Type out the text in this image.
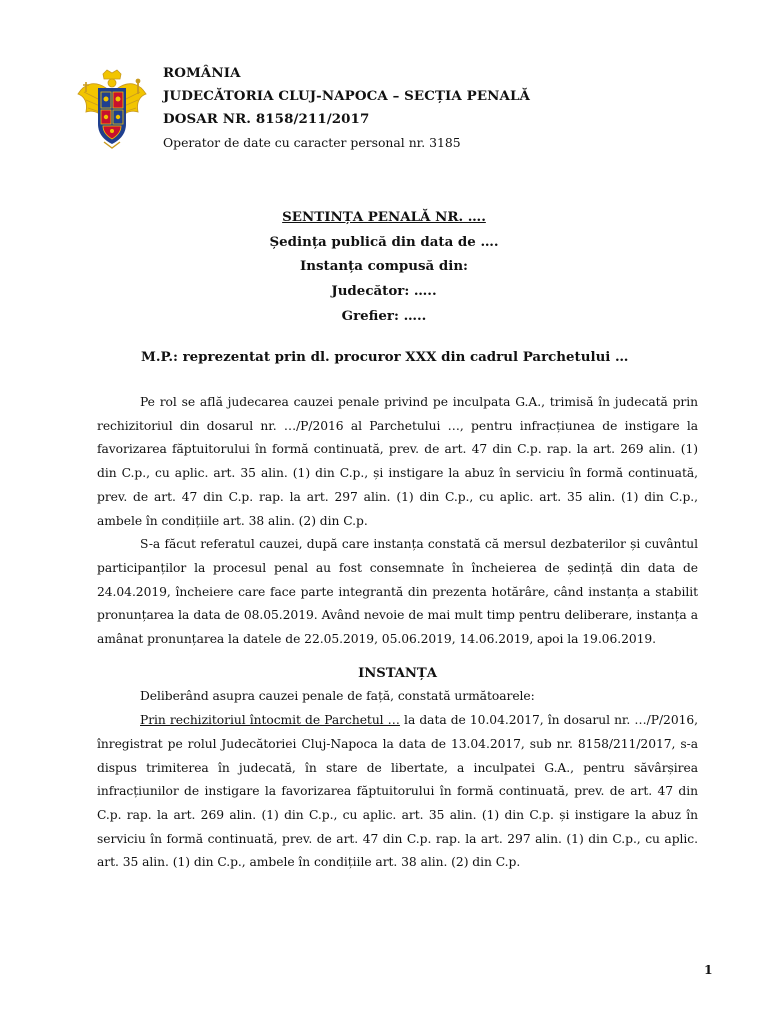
ROMÂNIA
JUDECĂTORIA CLUJ-NAPOCA – SECȚIA PENALĂ
DOSAR NR. 8158/211/2017
Operator de date cu caracter personal nr. 3185
SENTINȚA PENALĂ NR. ….
Ședința publică din data de ….
Instanța compusă din:
Judecător: …..
Grefier: …..
M.P.: reprezentat prin dl. procuror XXX din cadrul Parchetului …

Pe rol se află judecarea cauzei penale privind pe inculpata G.A., trimisă în judecată prin rechizitoriul din dosarul nr. …/P/2016 al Parchetului …, pentru infracțiunea de instigare la favorizarea făptuitorului în formă continuată, prev. de art. 47 din C.p. rap. la art. 269 alin. (1) din C.p., cu aplic. art. 35 alin. (1) din C.p., și instigare la abuz în serviciu în formă continuată, prev. de art. 47 din C.p. rap. la art. 297 alin. (1) din C.p., cu aplic. art. 35 alin. (1) din C.p., ambele în condițiile art. 38 alin. (2) din C.p.

S-a făcut referatul cauzei, după care instanța constată că mersul dezbaterilor și cuvântul participanților la procesul penal au fost consemnate în încheierea de ședință din data de 24.04.2019, încheiere care face parte integrantă din prezenta hotărâre, când instanța a stabilit pronunțarea la data de 08.05.2019. Având nevoie de mai mult timp pentru deliberare, instanța a amânat pronunțarea la datele de 22.05.2019, 05.06.2019, 14.06.2019, apoi la 19.06.2019.

INSTANȚA

Deliberând asupra cauzei penale de față, constată următoarele:

Prin rechizitoriul întocmit de Parchetul … la data de 10.04.2017, în dosarul nr. …/P/2016, înregistrat pe rolul Judecătoriei Cluj-Napoca la data de 13.04.2017, sub nr. 8158/211/2017, s-a dispus trimiterea în judecată, în stare de libertate, a inculpatei G.A., pentru săvârșirea infracțiunilor de instigare la favorizarea făptuitorului în formă continuată, prev. de art. 47 din C.p. rap. la art. 269 alin. (1) din C.p., cu aplic. art. 35 alin. (1) din C.p. și instigare la abuz în serviciu în formă continuată, prev. de art. 47 din C.p. rap. la art. 297 alin. (1) din C.p., cu aplic. art. 35 alin. (1) din C.p., ambele în condițiile art. 38 alin. (2) din C.p.

1
